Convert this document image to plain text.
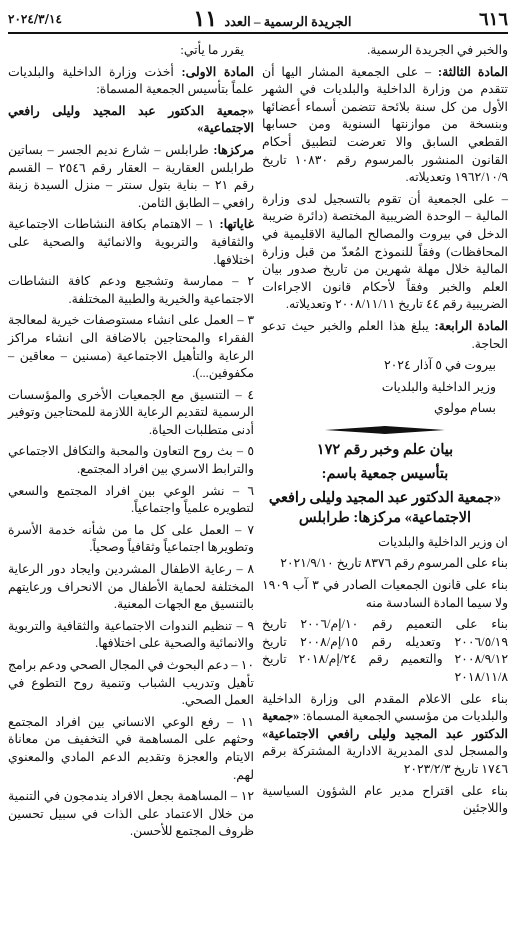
٦١٦
الجريدة الرسمية – العدد ١١
٢٠٢٤/٣/١٤

والخبر في الجريدة الرسمية.

المادة الثالثة: – على الجمعية المشار اليها أن تتقدم من وزارة الداخلية والبلديات في الشهر الأول من كل سنة بلائحة تتضمن أسماء أعضائها وبنسخة من موازنتها السنوية ومن حسابها القطعي السابق والا تعرضت لتطبيق أحكام القانون المنشور بالمرسوم رقم ١٠٨٣٠ تاريخ ١٩٦٢/١٠/٩ وتعديلاته.

– على الجمعية أن تقوم بالتسجيل لدى وزارة المالية – الوحدة الضريبية المختصة (دائرة ضريبة الدخل في بيروت والمصالح المالية الاقليمية في المحافظات) وفقاً للنموذج المُعدّ من قبل وزارة المالية خلال مهلة شهرين من تاريخ صدور بيان العلم والخبر وفقاً لأحكام قانون الاجراءات الضريبية رقم ٤٤ تاريخ ٢٠٠٨/١١/١١ وتعديلاته.

المادة الرابعة: يبلغ هذا العلم والخبر حيث تدعو الحاجة.

بيروت في ٥ آذار ٢٠٢٤

وزير الداخلية والبلديات

بسام مولوي

بيان علم وخبر رقم ١٧٢

بتأسيس جمعية باسم:

«جمعية الدكتور عبد المجيد وليلى رافعي الاجتماعية» مركزها: طرابلس

ان وزير الداخلية والبلديات

بناء على المرسوم رقم ٨٣٧٦ تاريخ ٢٠٢١/٩/١٠

بناء على قانون الجمعيات الصادر في ٣ آب ١٩٠٩ ولا سيما المادة السادسة منه

بناء على التعميم رقم ١٠/إم/٢٠٠٦ تاريخ ٢٠٠٦/٥/١٩ وتعديله رقم ١٥/إم/٢٠٠٨ تاريخ ٢٠٠٨/٩/١٢ والتعميم رقم ٢٤/إم/٢٠١٨ تاريخ ٢٠١٨/١١/٨

بناء على الاعلام المقدم الى وزارة الداخلية والبلديات من مؤسسي الجمعية المسماة: «جمعية الدكتور عبد المجيد وليلى رافعي الاجتماعية» والمسجل لدى المديرية الادارية المشتركة برقم ١٧٤٦ تاريخ ٢٠٢٣/٢/٣

بناء على اقتراح مدير عام الشؤون السياسية واللاجئين

يقرر ما يأتي:

المادة الاولى: أخذت وزارة الداخلية والبلديات علماً بتأسيس الجمعية المسماة:

«جمعية الدكتور عبد المجيد وليلى رافعي الاجتماعية»

مركزها: طرابلس – شارع نديم الجسر – بساتين طرابلس العقارية – العقار رقم ٢٥٤٦ – القسم رقم ٢١ – بناية بتول سنتر – منزل السيدة زينة رافعي – الطابق الثامن.

غاياتها: ١ – الاهتمام بكافة النشاطات الاجتماعية والثقافية والتربوية والانمائية والصحية على اختلافها.

٢ – ممارسة وتشجيع ودعم كافة النشاطات الاجتماعية والخيرية والطبية المختلفة.

٣ – العمل على انشاء مستوصفات خيرية لمعالجة الفقراء والمحتاجين بالاضافة الى انشاء مراكز الرعاية والتأهيل الاجتماعية (مسنين – معاقين – مكفوفين...).

٤ – التنسيق مع الجمعيات الأخرى والمؤسسات الرسمية لتقديم الرعاية اللازمة للمحتاجين وتوفير أدنى متطلبات الحياة.

٥ – بث روح التعاون والمحبة والتكافل الاجتماعي والترابط الاسري بين افراد المجتمع.

٦ – نشر الوعي بين افراد المجتمع والسعي لتطويره علمياً واجتماعياً.

٧ – العمل على كل ما من شأنه خدمة الأسرة وتطويرها اجتماعياً وثقافياً وصحياً.

٨ – رعاية الاطفال المشردين وايجاد دور الرعاية المختلفة لحماية الأطفال من الانحراف ورعايتهم بالتنسيق مع الجهات المعنية.

٩ – تنظيم الندوات الاجتماعية والثقافية والتربوية والانمائية والصحية على اختلافها.

١٠ – دعم البحوث في المجال الصحي ودعم برامج تأهيل وتدريب الشباب وتنمية روح التطوع في العمل الصحي.

١١ – رفع الوعي الانساني بين افراد المجتمع وحثهم على المساهمة في التخفيف من معاناة الايتام والعجزة وتقديم الدعم المادي والمعنوي لهم.

١٢ – المساهمة بجعل الافراد يندمجون في التنمية من خلال الاعتماد على الذات في سبيل تحسين ظروف المجتمع للأحسن.
